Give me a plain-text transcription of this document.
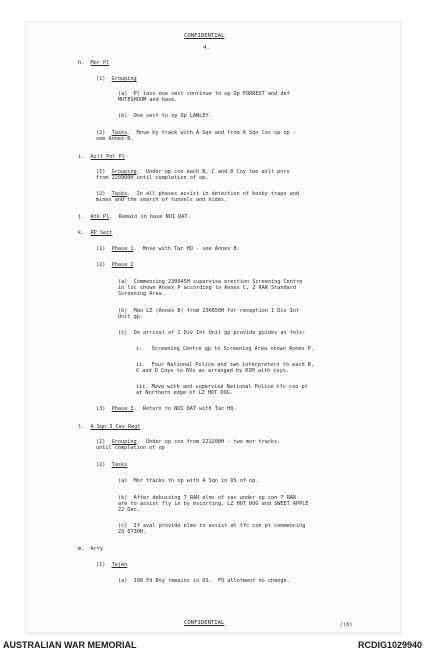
CONFIDENTIAL
4.
h.  Mor Pl
(1)  Grouping
(a)  Pl less one sect continue to sp Op FORREST and def
MUTESHOOM and base.
(b)  One sect to sp Op LANLEY.
(2)  Tasks.  Move by track with A Sqn and from A Sqn loc sp op -
see Annex B.
i.  Aslt Pnr Pl
(1)  Grouping.  Under op con each B, C and D Coy two aslt pnrs
from 220900H until completion of op.
(2)  Tasks.  In all phases assist in detection of booby traps and
mines and the search of tunnels and hides.
j.  Atk Pl.  Remain in base NUI DAT.
k.  RP Sect
(1)  Phase 1.  Move with Tac HQ - see Annex B.
(2)  Phase 2
(a)  Commencing 230645H supervise erection Screening Centre
in loc shown Annex P according to Annex C, 2 RAR Standard
Screening Area.
(b)  Man LZ (Annex B) from 230650H for reception 1 Div Int
Unit gp.
(c)  On arrival of 1 Div Int Unit gp provide guides as fols:
i.   Screening Centre gp to Screening Area shown Annex P.
ii.  Four National Police and two interpreters to each B,
C and D Coys to RVs as arranged by RSM with coys.
iii. Move with and supervise National Police tfc con pt
at Northern edge of LZ HOT DOG.
(3)  Phase 3.  Return to NUI DAT with Tac HQ.
l.  A Sqn 3 Cav Regt
(1)  Grouping.  Under op con from 221200H - two mor tracks.
until completion of op
(2)  Tasks
(a)  Mor tracks to op with A Sqn in DS of op.
(b)  After debussing 7 RAR elms of cav under op con 7 RAR
are to assist fly in by escorting, LZ HOT DOG and SWEET APPLE
22 Dec.
(c)  If aval provide elms to assist at tfc con pt commencing
23 0730H.
m.  Arty
(1)  Tején
(a)  108 Fd Bty remains in DS.  FO allotment no change.
CONFIDENTIAL	/(b)
AUSTRALIAN WAR MEMORIAL	RCDIG1029940
